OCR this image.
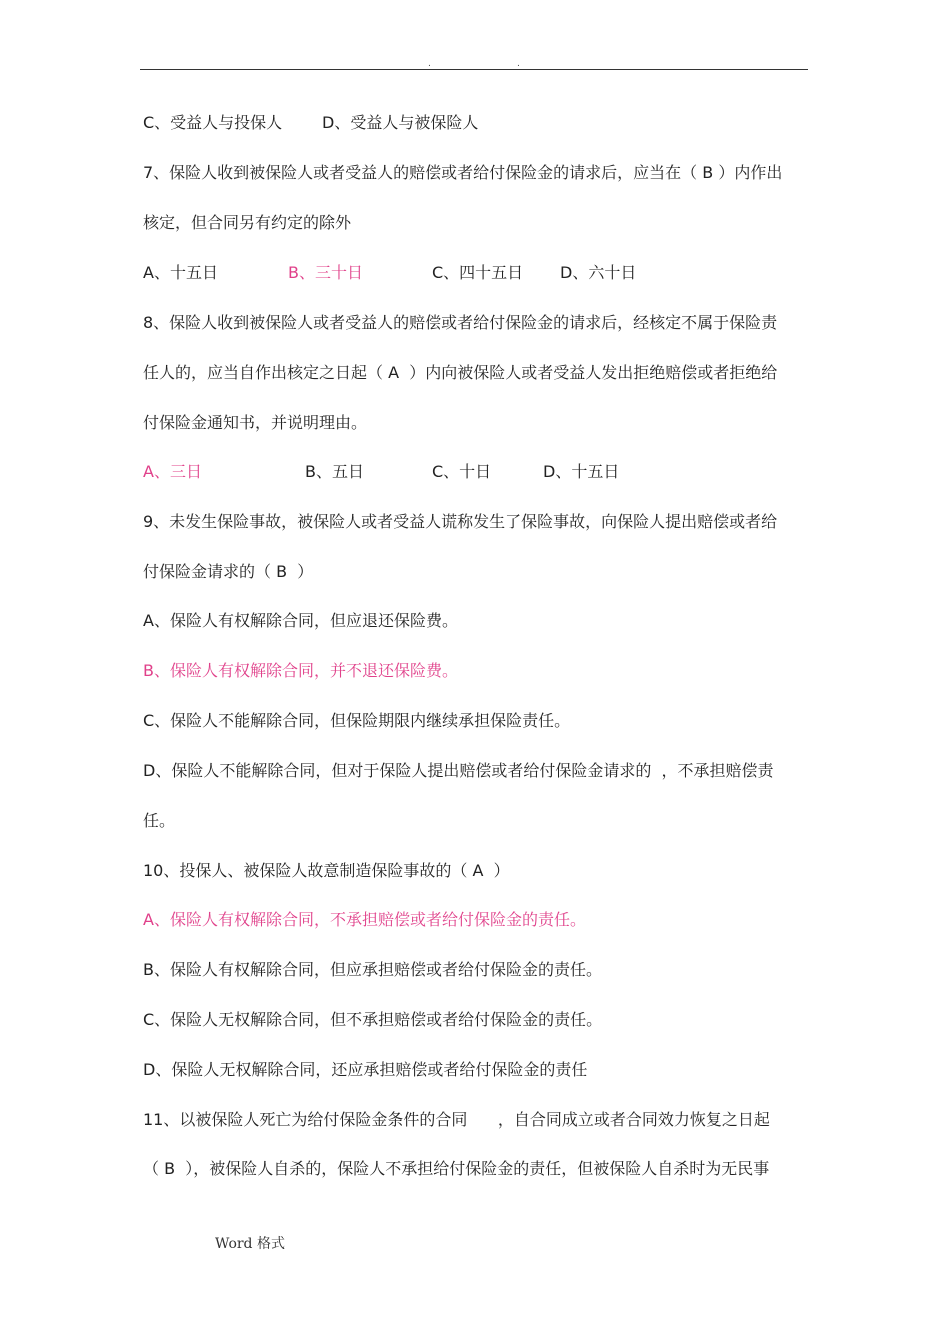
.	.
C、受益人与投保人 D、受益人与被保险人
7、保险人收到被保险人或者受益人的赔偿或者给付保险金的请求后，应当在（ B ）内作出
核定，但合同另有约定的除外
A、十五日	B、三十日	C、四十五日 D、六十日
8、保险人收到被保险人或者受益人的赔偿或者给付保险金的请求后，经核定不属于保险责
任人的，应当自作出核定之日起（ A  ）内向被保险人或者受益人发出拒绝赔偿或者拒绝给
付保险金通知书，并说明理由。
A、三日	B、五日	C、十日	D、十五日
9、未发生保险事故，被保险人或者受益人谎称发生了保险事故，向保险人提出赔偿或者给
付保险金请求的（ B  ）
A、保险人有权解除合同，但应退还保险费。
B、保险人有权解除合同，并不退还保险费。
C、保险人不能解除合同，但保险期限内继续承担保险责任。
D、保险人不能解除合同，但对于保险人提出赔偿或者给付保险金请求的  ，不承担赔偿责
任。
10、投保人、被保险人故意制造保险事故的（ A  ）
A、保险人有权解除合同，不承担赔偿或者给付保险金的责任。
B、保险人有权解除合同，但应承担赔偿或者给付保险金的责任。
C、保险人无权解除合同，但不承担赔偿或者给付保险金的责任。
D、保险人无权解除合同，还应承担赔偿或者给付保险金的责任
11、以被保险人死亡为给付保险金条件的合同      ，自合同成立或者合同效力恢复之日起
（ B  ），被保险人自杀的，保险人不承担给付保险金的责任，但被保险人自杀时为无民事
Word 格式
